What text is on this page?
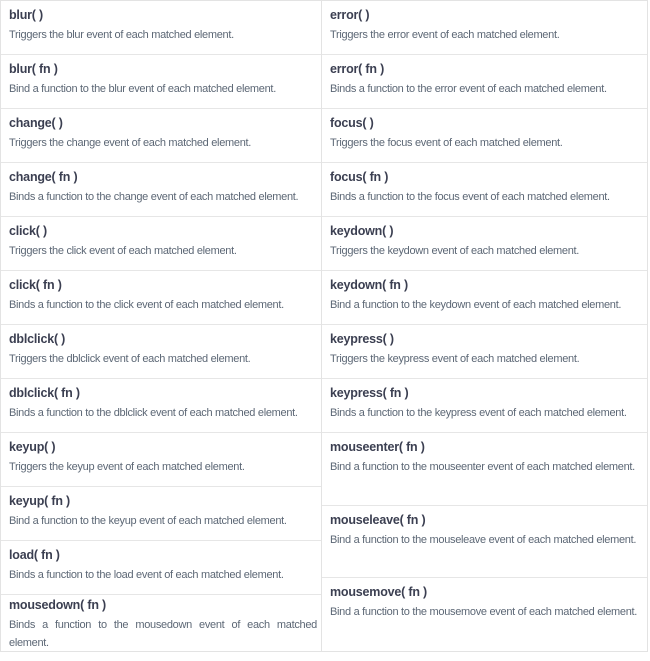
blur( )

Triggers the blur event of each matched element.

blur( fn )

Bind a function to the blur event of each matched element.

change( )

Triggers the change event of each matched element.

change( fn )

Binds a function to the change event of each matched element.

click( )

Triggers the click event of each matched element.

click( fn )

Binds a function to the click event of each matched element.

dblclick( )

Triggers the dblclick event of each matched element.

dblclick( fn )

Binds a function to the dblclick event of each matched element.

keyup( )

Triggers the keyup event of each matched element.

keyup( fn )

Bind a function to the keyup event of each matched element.

load( fn )

Binds a function to the load event of each matched element.

mousedown( fn )

Binds a function to the mousedown event of each matched element.

error( )

Triggers the error event of each matched element.

error( fn )

Binds a function to the error event of each matched element.

focus( )

Triggers the focus event of each matched element.

focus( fn )

Binds a function to the focus event of each matched element.

keydown( )

Triggers the keydown event of each matched element.

keydown( fn )

Bind a function to the keydown event of each matched element.

keypress( )

Triggers the keypress event of each matched element.

keypress( fn )

Binds a function to the keypress event of each matched element.

mouseenter( fn )

Bind a function to the mouseenter event of each matched element.

mouseleave( fn )

Bind a function to the mouseleave event of each matched element.

mousemove( fn )

Bind a function to the mousemove event of each matched element.
